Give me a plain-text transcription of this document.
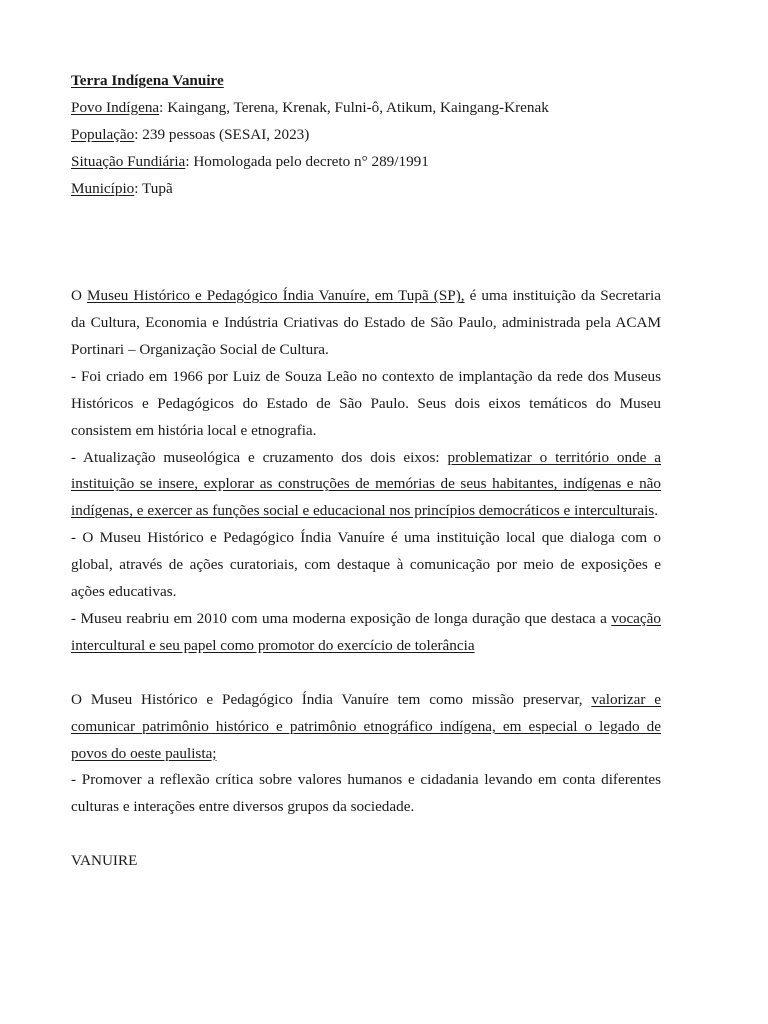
Terra Indígena Vanuire
Povo Indígena: Kaingang, Terena, Krenak, Fulni-ô, Atikum, Kaingang-Krenak
População: 239 pessoas (SESAI, 2023)
Situação Fundiária: Homologada pelo decreto n° 289/1991
Município: Tupã
O Museu Histórico e Pedagógico Índia Vanuíre, em Tupã (SP), é uma instituição da Secretaria da Cultura, Economia e Indústria Criativas do Estado de São Paulo, administrada pela ACAM Portinari – Organização Social de Cultura.
- Foi criado em 1966 por Luiz de Souza Leão no contexto de implantação da rede dos Museus Históricos e Pedagógicos do Estado de São Paulo. Seus dois eixos temáticos do Museu consistem em história local e etnografia.
- Atualização museológica e cruzamento dos dois eixos: problematizar o território onde a instituição se insere, explorar as construções de memórias de seus habitantes, indígenas e não indígenas, e exercer as funções social e educacional nos princípios democráticos e interculturais.
- O Museu Histórico e Pedagógico Índia Vanuíre é uma instituição local que dialoga com o global, através de ações curatoriais, com destaque à comunicação por meio de exposições e ações educativas.
- Museu reabriu em 2010 com uma moderna exposição de longa duração que destaca a vocação intercultural e seu papel como promotor do exercício de tolerância
O Museu Histórico e Pedagógico Índia Vanuíre tem como missão preservar, valorizar e comunicar patrimônio histórico e patrimônio etnográfico indígena, em especial o legado de povos do oeste paulista;
- Promover a reflexão crítica sobre valores humanos e cidadania levando em conta diferentes culturas e interações entre diversos grupos da sociedade.
VANUIRE
